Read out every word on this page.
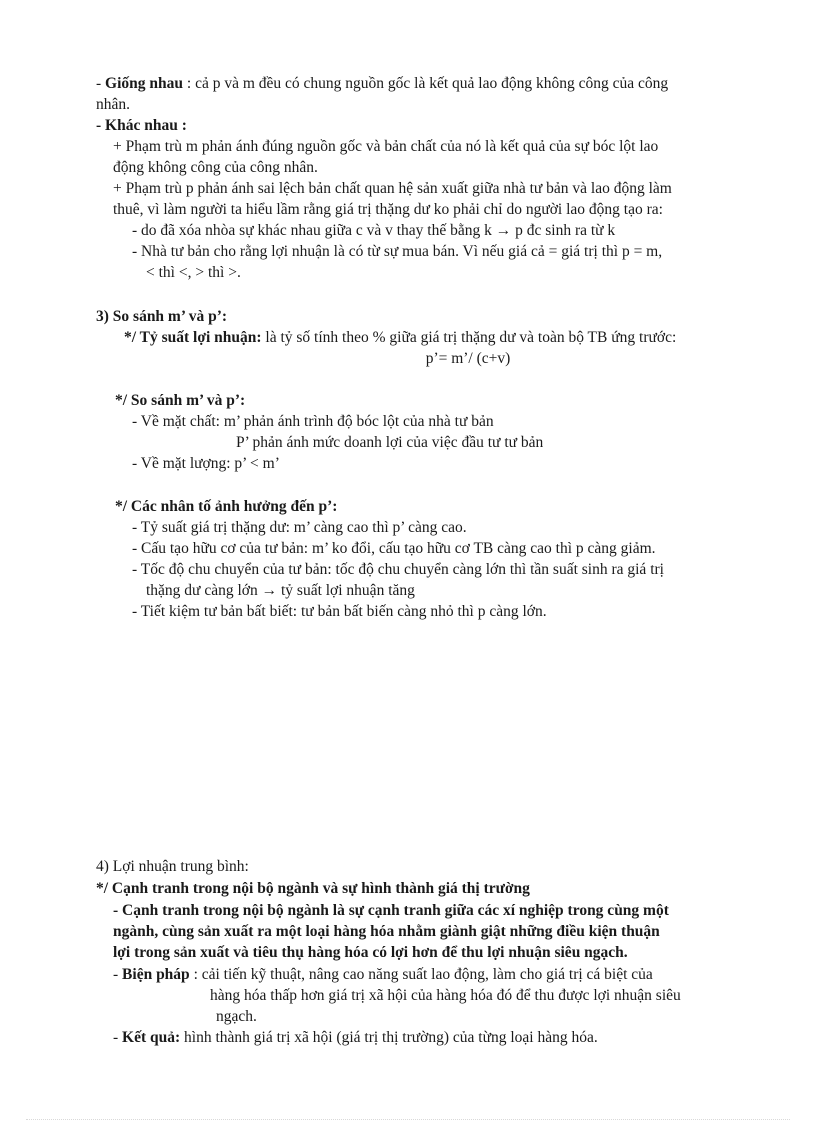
- Giống nhau : cả p và m đều có chung nguồn gốc là kết quả lao động không công của công
nhân.
- Khác nhau :
+ Phạm trù m phản ánh đúng nguồn gốc và bản chất của nó là kết quả của sự bóc lột lao
động không công của công nhân.
+ Phạm trù p phản ánh sai lệch bản chất quan hệ sản xuất giữa nhà tư bản và lao động làm
thuê, vì làm người ta hiểu lầm rằng giá trị thặng dư ko phải chỉ do người lao động tạo ra:
- do đã xóa nhòa sự khác nhau giữa c và v thay thế bằng k → p đc sinh ra từ k
- Nhà tư bản cho rằng lợi nhuận là có từ sự mua bán. Vì nếu giá cả = giá trị thì p = m,
< thì <, > thì >.
3) So sánh m’ và p’:
*/ Tỷ suất lợi nhuận: là tỷ số tính theo % giữa giá trị thặng dư và toàn bộ TB ứng trước:
p’= m’/ (c+v)
*/ So sánh m’ và p’:
- Về mặt chất: m’ phản ánh trình độ bóc lột của nhà tư bản
P’ phản ánh mức doanh lợi của việc đầu tư tư bản
- Về mặt lượng: p’ < m’
*/ Các nhân tố ảnh hưởng đến p’:
- Tỷ suất giá trị thặng dư: m’ càng cao thì p’ càng cao.
- Cấu tạo hữu cơ của tư bản: m’ ko đổi, cấu tạo hữu cơ TB càng cao thì p càng giảm.
- Tốc độ chu chuyển của tư bản: tốc độ chu chuyển càng lớn thì tần suất sinh ra giá trị
thặng dư càng lớn → tỷ suất lợi nhuận tăng
- Tiết kiệm tư bản bất biết: tư bản bất biến càng nhỏ thì p càng lớn.
4) Lợi nhuận trung bình:
*/ Cạnh tranh trong nội bộ ngành và sự hình thành giá thị trường
- Cạnh tranh trong nội bộ ngành là sự cạnh tranh giữa các xí nghiệp trong cùng một
ngành, cùng sản xuất ra một loại hàng hóa nhằm giành giật những điều kiện thuận
lợi trong sản xuất và tiêu thụ hàng hóa có lợi hơn để thu lợi nhuận siêu ngạch.
- Biện pháp : cải tiến kỹ thuật, nâng cao năng suất lao động, làm cho giá trị cá biệt của
hàng hóa thấp hơn giá trị xã hội của hàng hóa đó để thu được lợi nhuận siêu
ngạch.
- Kết quả: hình thành giá trị xã hội (giá trị thị trường) của từng loại hàng hóa.
